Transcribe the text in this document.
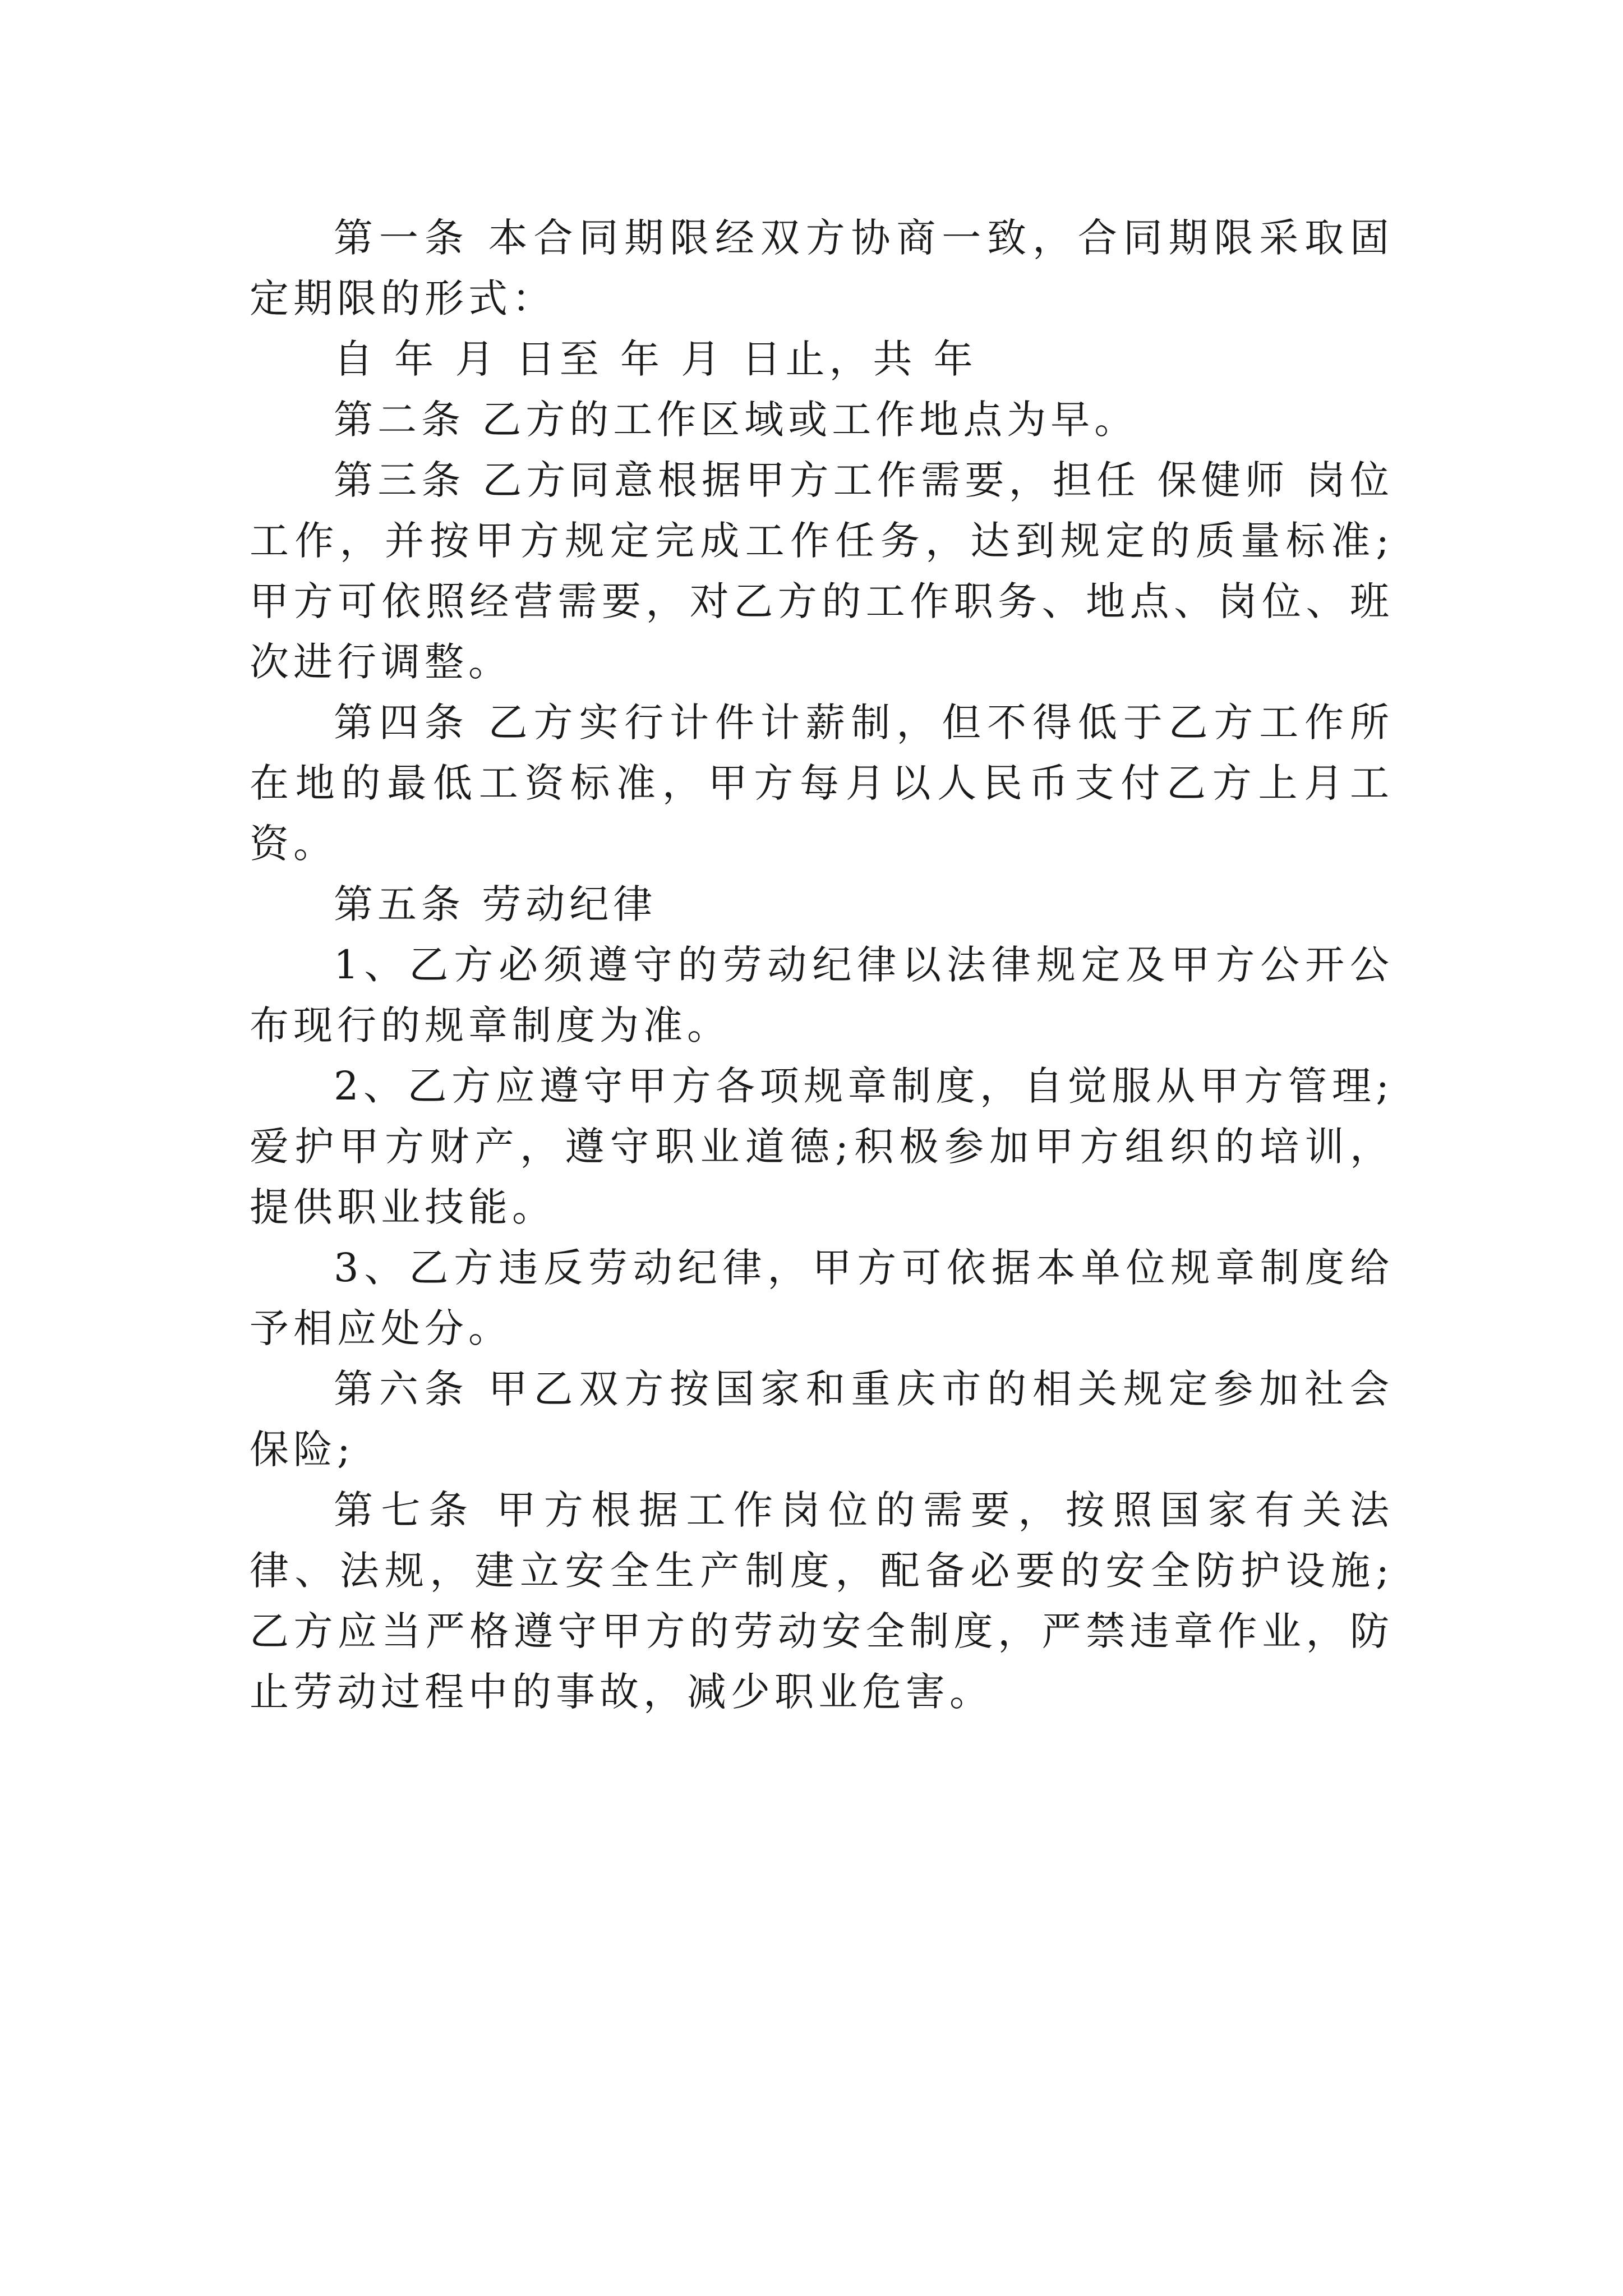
第一条 本合同期限经双方协商一致，合同期限采取固定期限的形式：

自 年 月 日至 年 月 日止，共 年

第二条 乙方的工作区域或工作地点为早。

第三条 乙方同意根据甲方工作需要，担任 保健师 岗位工作，并按甲方规定完成工作任务，达到规定的质量标准;甲方可依照经营需要，对乙方的工作职务、地点、岗位、班次进行调整。

第四条 乙方实行计件计薪制，但不得低于乙方工作所在地的最低工资标准，甲方每月以人民币支付乙方上月工资。

第五条 劳动纪律

1、乙方必须遵守的劳动纪律以法律规定及甲方公开公布现行的规章制度为准。

2、乙方应遵守甲方各项规章制度，自觉服从甲方管理;爱护甲方财产，遵守职业道德;积极参加甲方组织的培训，提供职业技能。

3、乙方违反劳动纪律，甲方可依据本单位规章制度给予相应处分。

第六条 甲乙双方按国家和重庆市的相关规定参加社会保险;

第七条 甲方根据工作岗位的需要，按照国家有关法律、法规，建立安全生产制度，配备必要的安全防护设施;乙方应当严格遵守甲方的劳动安全制度，严禁违章作业，防止劳动过程中的事故，减少职业危害。
